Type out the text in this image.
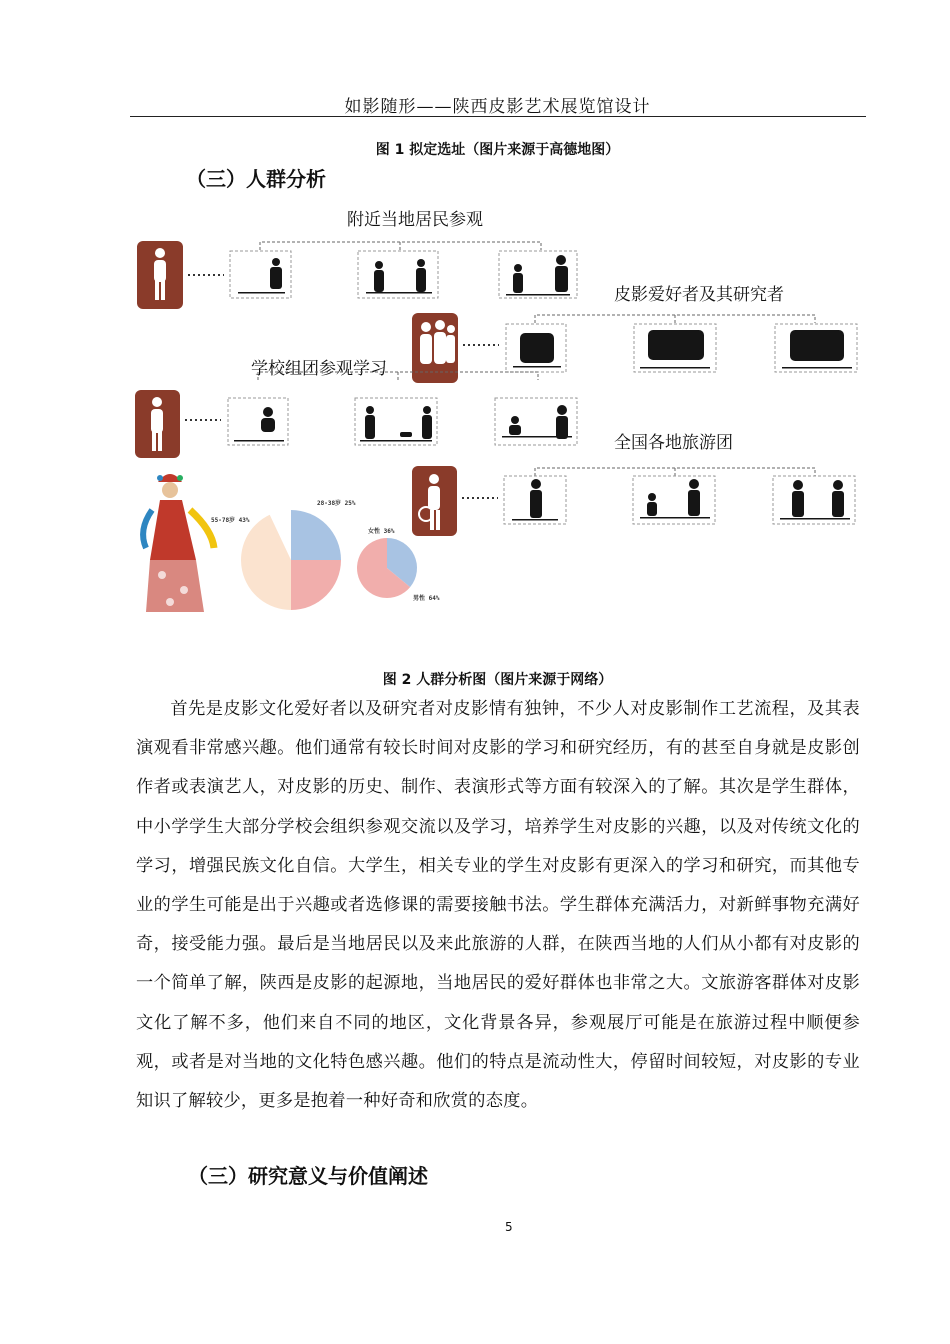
如影随形——陕西皮影艺术展览馆设计
图 1 拟定选址（图片来源于高德地图）
（三）人群分析
附近当地居民参观
皮影爱好者及其研究者
学校组团参观学习
全国各地旅游团
55-78岁 43%
28-38岁 25%
女性 36%
男性 64%
图 2 人群分析图（图片来源于网络）
首先是皮影文化爱好者以及研究者对皮影情有独钟，不少人对皮影制作工艺流程，及其表演观看非常感兴趣。他们通常有较长时间对皮影的学习和研究经历，有的甚至自身就是皮影创作者或表演艺人，对皮影的历史、制作、表演形式等方面有较深入的了解。其次是学生群体，中小学学生大部分学校会组织参观交流以及学习，培养学生对皮影的兴趣，以及对传统文化的学习，增强民族文化自信。大学生，相关专业的学生对皮影有更深入的学习和研究，而其他专业的学生可能是出于兴趣或者选修课的需要接触书法。学生群体充满活力，对新鲜事物充满好奇，接受能力强。最后是当地居民以及来此旅游的人群，在陕西当地的人们从小都有对皮影的一个简单了解，陕西是皮影的起源地，当地居民的爱好群体也非常之大。文旅游客群体对皮影文化了解不多，他们来自不同的地区，文化背景各异，参观展厅可能是在旅游过程中顺便参观，或者是对当地的文化特色感兴趣。他们的特点是流动性大，停留时间较短，对皮影的专业知识了解较少，更多是抱着一种好奇和欣赏的态度。
（三）研究意义与价值阐述
5
